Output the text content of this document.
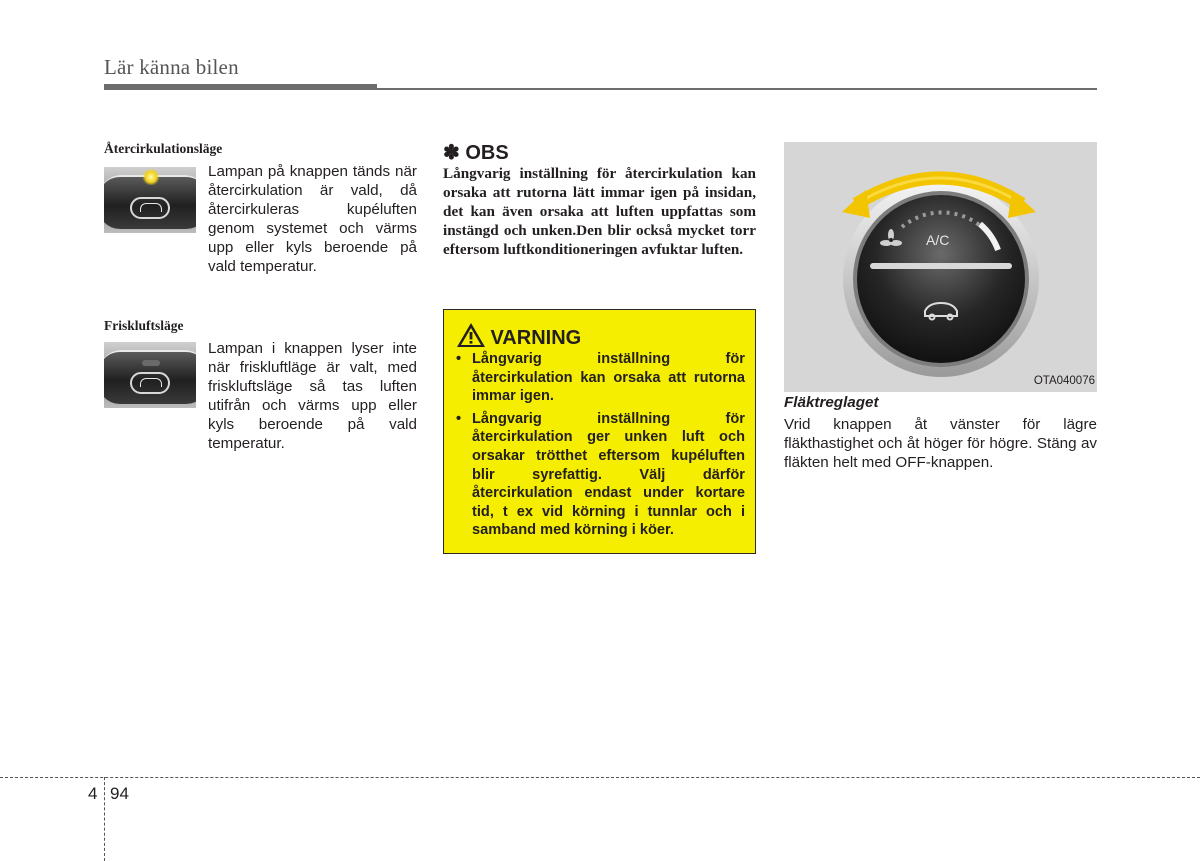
Lär känna bilen
Återcirkulationsläge
Lampan på knappen tänds när återcirkulation är vald, då återcirkuleras kupéluften genom systemet och värms upp eller kyls beroende på vald temperatur.
Friskluftsläge
Lampan i knappen lyser inte när friskluftläge är valt, med friskluftsläge så tas luften utifrån och värms upp eller kyls beroende på vald temperatur.
✽ OBS
Långvarig inställning för återcirkulation kan orsaka att rutorna lätt immar igen på insidan, det kan även orsaka att luften uppfattas som instängd och unken.Den blir också mycket torr eftersom luftkonditioneringen avfuktar luften.
VARNING
• Långvarig inställning för återcirkulation kan orsaka att rutorna immar igen.
• Långvarig inställning för återcirkulation ger unken luft och orsakar trötthet eftersom kupéluften blir syrefattig. Välj därför återcirkulation endast under kortare tid, t ex vid körning i tunnlar och i samband med körning i köer.
A/C
OTA040076
Fläktreglaget
Vrid knappen åt vänster för lägre fläkthastighet och åt höger för högre. Stäng av fläkten helt med OFF-knappen.
4 94
